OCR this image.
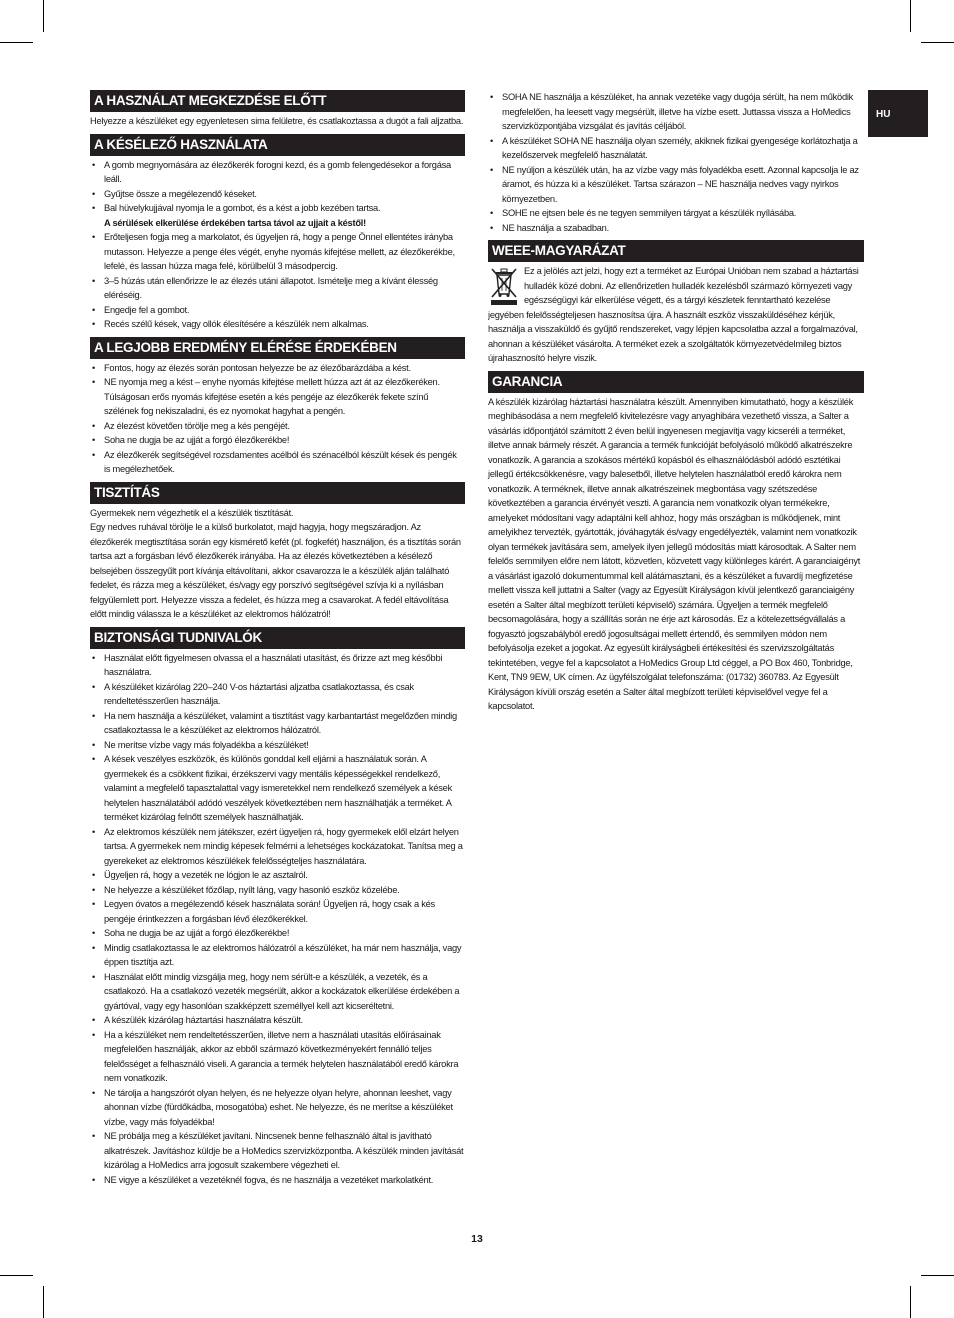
HU
A HASZNÁLAT MEGKEZDÉSE ELŐTT

Helyezze a készüléket egy egyenletesen sima felületre, és csatlakoztassa a dugót a fali aljzatba.

A KÉSÉLEZŐ HASZNÁLATA
• A gomb megnyomására az élezőkerék forogni kezd, és a gomb felengedésekor a forgása leáll.
• Gyűjtse össze a megélezendő késeket.
• Bal hüvelykujjával nyomja le a gombot, és a kést a jobb kezében tartsa.
A sérülések elkerülése érdekében tartsa távol az ujjait a késtől!
• Erőteljesen fogja meg a markolatot, és ügyeljen rá, hogy a penge Önnel ellentétes irányba mutasson. Helyezze a penge éles végét, enyhe nyomás kifejtése mellett, az élezőkerékbe, lefelé, és lassan húzza maga felé, körülbelül 3 másodpercig.
• 3–5 húzás után ellenőrizze le az élezés utáni állapotot. Ismételje meg a kívánt élesség eléréséig.
• Engedje fel a gombot.
• Recés szélű kések, vagy ollók élesítésére a készülék nem alkalmas.
A LEGJOBB EREDMÉNY ELÉRÉSE ÉRDEKÉBEN
• Fontos, hogy az élezés során pontosan helyezze be az élezőbarázdába a kést.
• NE nyomja meg a kést – enyhe nyomás kifejtése mellett húzza azt át az élezőkeréken. Túlságosan erős nyomás kifejtése esetén a kés pengéje az élezőkerék fekete színű szélének fog nekiszaladni, és ez nyomokat hagyhat a pengén.
• Az élezést követően törölje meg a kés pengéjét.
• Soha ne dugja be az ujját a forgó élezőkerékbe!
• Az élezőkerék segítségével rozsdamentes acélból és szénacélból készült kések és pengék is megélezhetőek.
TISZTÍTÁS

Gyermekek nem végezhetik el a készülék tisztítását.

Egy nedves ruhával törölje le a külső burkolatot, majd hagyja, hogy megszáradjon. Az élezőkerék megtisztítása során egy kismérető kefét (pl. fogkefét) használjon, és a tisztítás során tartsa azt a forgásban lévő élezőkerék irányába. Ha az élezés következtében a késélező belsejében összegyűlt port kívánja eltávolítani, akkor csavarozza le a készülék alján található fedelet, és rázza meg a készüléket, és/vagy egy porszívó segítségével szívja ki a nyílásban felgyülemlett port. Helyezze vissza a fedelet, és húzza meg a csavarokat. A fedél eltávolítása előtt mindig válassza le a készüléket az elektromos hálózatról!

BIZTONSÁGI TUDNIVALÓK
• Használat előtt figyelmesen olvassa el a használati utasítást, és őrizze azt meg későbbi használatra.
• A készüléket kizárólag 220–240 V-os háztartási aljzatba csatlakoztassa, és csak rendeltetésszerűen használja.
• Ha nem használja a készüléket, valamint a tisztítást vagy karbantartást megelőzően mindig csatlakoztassa le a készüléket az elektromos hálózatról.
• Ne merítse vízbe vagy más folyadékba a készüléket!
• A kések veszélyes eszközök, és különös gonddal kell eljárni a használatuk során. A gyermekek és a csökkent fizikai, érzékszervi vagy mentális képességekkel rendelkező, valamint a megfelelő tapasztalattal vagy ismeretekkel nem rendelkező személyek a kések helytelen használatából adódó veszélyek következtében nem használhatják a terméket. A terméket kizárólag felnőtt személyek használhatják.
• Az elektromos készülék nem játékszer, ezért ügyeljen rá, hogy gyermekek elől elzárt helyen tartsa. A gyermekek nem mindig képesek felmérni a lehetséges kockázatokat. Tanítsa meg a gyerekeket az elektromos készülékek felelősségteljes használatára.
• Ügyeljen rá, hogy a vezeték ne lógjon le az asztalról.
• Ne helyezze a készüléket főzőlap, nyílt láng, vagy hasonló eszköz közelébe.
• Legyen óvatos a megélezendő kések használata során! Ügyeljen rá, hogy csak a kés pengéje érintkezzen a forgásban lévő élezőkerékkel.
• Soha ne dugja be az ujját a forgó élezőkerékbe!
• Mindig csatlakoztassa le az elektromos hálózatról a készüléket, ha már nem használja, vagy éppen tisztítja azt.
• Használat előtt mindig vizsgálja meg, hogy nem sérült-e a készülék, a vezeték, és a csatlakozó. Ha a csatlakozó vezeték megsérült, akkor a kockázatok elkerülése érdekében a gyártóval, vagy egy hasonlóan szakképzett személlyel kell azt kicseréltetni.
• A készülék kizárólag háztartási használatra készült.
• Ha a készüléket nem rendeltetésszerűen, illetve nem a használati utasítás előírásainak megfelelően használják, akkor az ebből származó következményekért fennálló teljes felelősséget a felhasználó viseli. A garancia a termék helytelen használatából eredő károkra nem vonatkozik.
• Ne tárolja a hangszórót olyan helyen, és ne helyezze olyan helyre, ahonnan leeshet, vagy ahonnan vízbe (fürdőkádba, mosogatóba) eshet. Ne helyezze, és ne merítse a készüléket vízbe, vagy más folyadékba!
• NE próbálja meg a készüléket javítani. Nincsenek benne felhasználó által is javítható alkatrészek. Javításhoz küldje be a HoMedics szervizközpontba. A készülék minden javítását kizárólag a HoMedics arra jogosult szakembere végezheti el.
• NE vigye a készüléket a vezetéknél fogva, és ne használja a vezetéket markolatként.
• SOHA NE használja a készüléket, ha annak vezetéke vagy dugója sérült, ha nem működik megfelelően, ha leesett vagy megsérült, illetve ha vízbe esett. Juttassa vissza a HoMedics szervizközpontjába vizsgálat és javítás céljából.
• A készüléket SOHA NE használja olyan személy, akiknek fizikai gyengesége korlátozhatja a kezelőszervek megfelelő használatát.
• NE nyúljon a készülék után, ha az vízbe vagy más folyadékba esett. Azonnal kapcsolja le az áramot, és húzza ki a készüléket. Tartsa szárazon – NE használja nedves vagy nyirkos környezetben.
• SOHE ne ejtsen bele és ne tegyen semmilyen tárgyat a készülék nyílásába.
• NE használja a szabadban.
WEEE-MAGYARÁZAT
Ez a jelölés azt jelzi, hogy ezt a terméket az Európai Unióban nem szabad a háztartási hulladék közé dobni. Az ellenőrizetlen hulladék kezelésből származó környezeti vagy egészségügyi kár elkerülése végett, és a tárgyi készletek fenntartható kezelése jegyében felelősségteljesen hasznosítsa újra. A használt eszköz visszaküldéséhez kérjük, használja a visszaküldő és gyűjtő rendszereket, vagy lépjen kapcsolatba azzal a forgalmazóval, ahonnan a készüléket vásárolta. A terméket ezek a szolgáltatók környezetvédelmileg biztos újrahasznosító helyre viszik.
GARANCIA

A készülék kizárólag háztartási használatra készült. Amennyiben kimutatható, hogy a készülék meghibásodása a nem megfelelő kivitelezésre vagy anyaghibára vezethető vissza, a Salter a vásárlás időpontjától számított 2 éven belül ingyenesen megjavítja vagy kicseréli a terméket, illetve annak bármely részét. A garancia a termék funkcióját befolyásoló működő alkatrészekre vonatkozik. A garancia a szokásos mértékű kopásból és elhasználódásból adódó esztétikai jellegű értékcsökkenésre, vagy balesetből, illetve helytelen használatból eredő károkra nem vonatkozik. A terméknek, illetve annak alkatrészeinek megbontása vagy szétszedése következtében a garancia érvényét veszti. A garancia nem vonatkozik olyan termékekre, amelyeket módosítani vagy adaptálni kell ahhoz, hogy más országban is működjenek, mint amelyikhez tervezték, gyártották, jóváhagyták és/vagy engedélyezték, valamint nem vonatkozik olyan termékek javítására sem, amelyek ilyen jellegű módosítás miatt károsodtak. A Salter nem felelős semmilyen előre nem látott, közvetlen, közvetett vagy különleges kárért. A garanciaigényt a vásárlást igazoló dokumentummal kell alátámasztani, és a készüléket a fuvardíj megfizetése mellett vissza kell juttatni a Salter (vagy az Egyesült Királyságon kívül jelentkező garanciaigény esetén a Salter által megbízott területi képviselő) számára. Ügyeljen a termék megfelelő becsomagolására, hogy a szállítás során ne érje azt károsodás. Ez a kötelezettségvállalás a fogyasztó jogszabályból eredő jogosultságai mellett értendő, és semmilyen módon nem befolyásolja ezeket a jogokat. Az egyesült királyságbeli értékesítési és szervizszolgáltatás tekintetében, vegye fel a kapcsolatot a HoMedics Group Ltd céggel, a PO Box 460, Tonbridge, Kent, TN9 9EW, UK címen. Az ügyfélszolgálat telefonszáma: (01732) 360783. Az Egyesült Királyságon kívüli ország esetén a Salter által megbízott területi képviselővel vegye fel a kapcsolatot.

13
